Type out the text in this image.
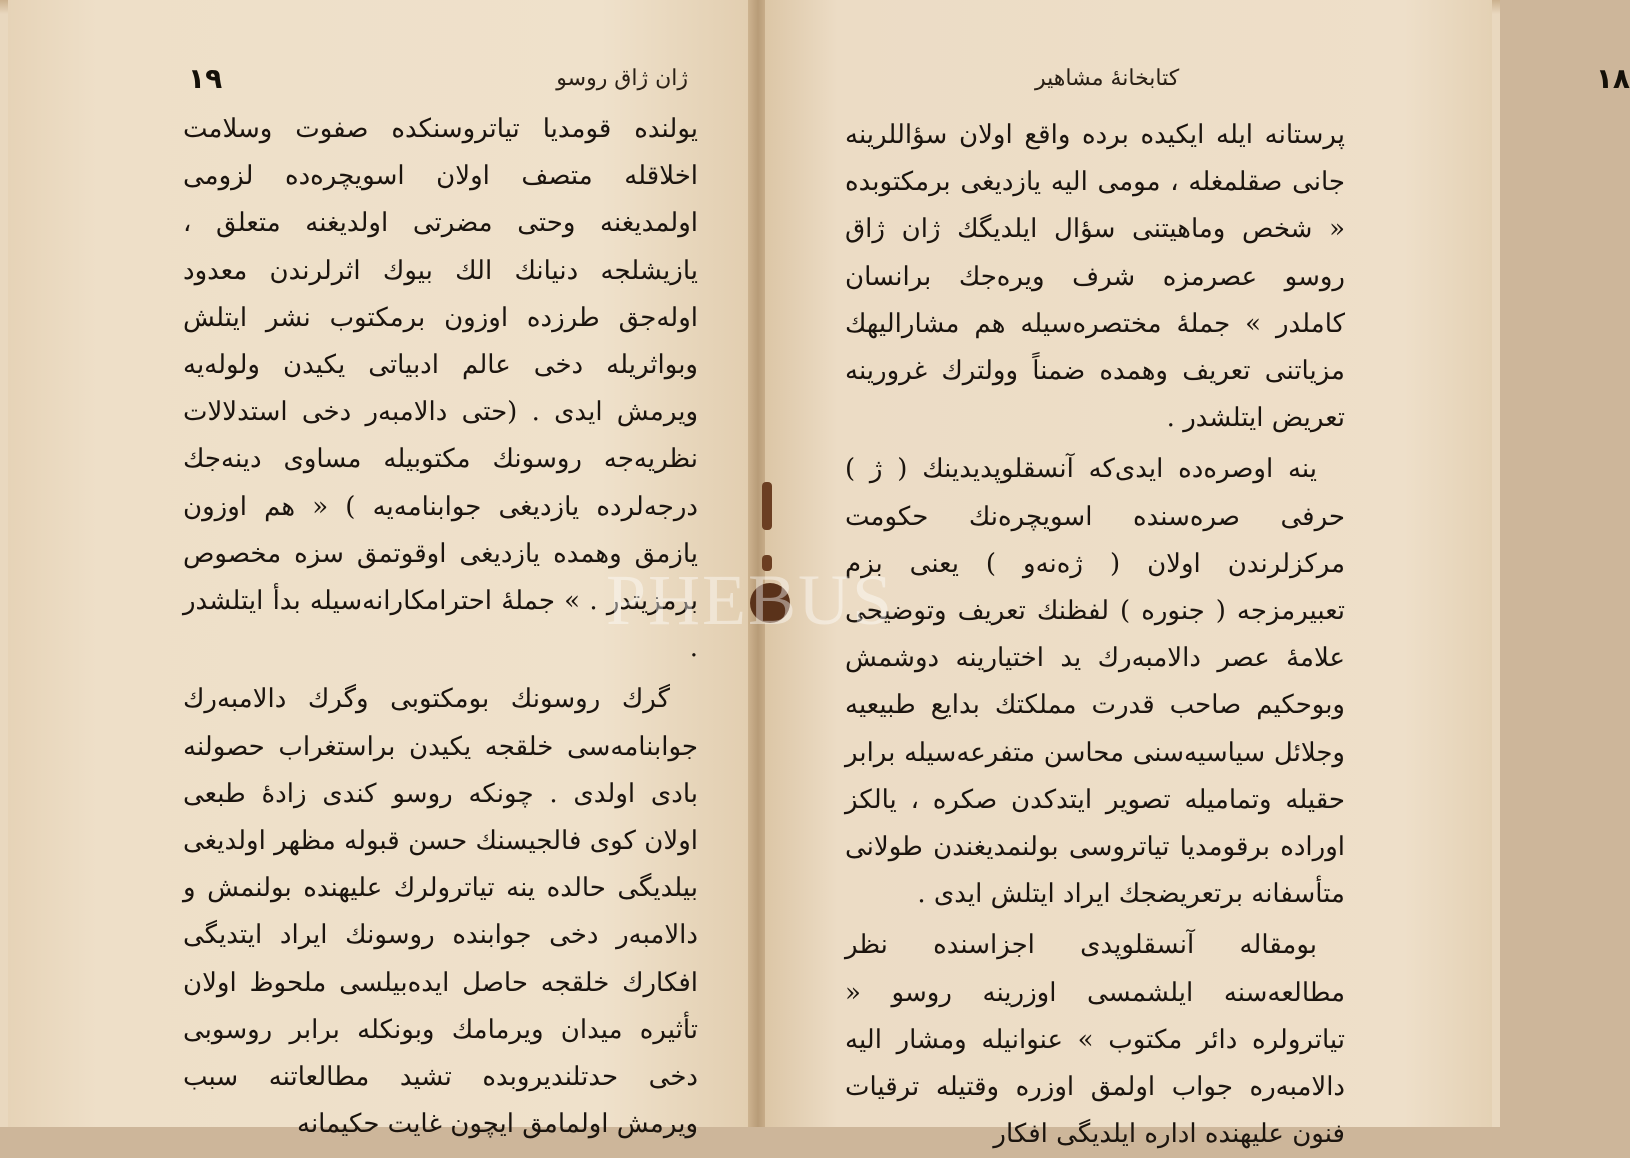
١٩	ژان ژاق روسو

يولنده قومديا تياتروسنكده صفوت وسلامت اخلاقله متصف اولان اسويچره‌ده لزومى اولمديغنه وحتى مضرتى اولديغنه متعلق ، يازيشلجه دنيانك الك بيوك اثرلرندن معدود اوله‌جق طرزده اوزون برمكتوب نشر ايتلش وبواثريله دخى عالم ادبياتى يكيدن ولوله‌يه ويرمش ايدى . (حتى دالامبەر دخى استدلالات نظريه‌جه روسونك مكتوبيله مساوى دينه‌جك درجه‌لرده يازديغى جوابنامه‌يه ) « هم اوزون يازمق وهمده يازديغى اوقوتمق سزه مخصوص برمزيتدر . » جملهٔ احترامكارانه‌سيله بدأ ايتلشدر .

گرك روسونك بومكتوبى وگرك دالامبەرك جوابنامه‌سى خلقجه يكيدن براستغراب حصولنه بادى اولدى . چونكه روسو كندى زادهٔ طبعى اولان كوى فالجيسنك حسن قبوله مظهر اولديغى بيلديگى حالده ينه تياترولرك عليهنده بولنمش و دالامبەر دخى جوابنده روسونك ايراد ايتديگى افكارك خلقجه حاصل ايده‌بيلسى ملحوظ اولان تأثيره ميدان ويرمامك وبونكله برابر روسوبى دخى حدتلنديروبده تشيد مطالعاتنه سبب ويرمش اولمامق ايچون غايت حكيمانه

كتابخانهٔ مشاهير	١٨

پرستانه ايله ايكيده برده واقع اولان سؤاللرينه جانى صقلمغله ، مومى اليه يازديغى برمكتوبده « شخص وماهيتنى سؤال ايلديگك ژان ژاق روسو عصرمزه شرف ويره‌جك برانسان كاملدر » جملهٔ مختصره‌سيله هم مشاراليهك مزياتنى تعريف وهمده ضمناً وولترك غرورينه تعريض ايتلشدر .

ينه اوصره‌ده ايدى‌كه آنسقلوپديدينك ( ژ ) حرفى صره‌سنده اسويچره‌نك حكومت مركزلرندن اولان ( ژەنەو ) يعنى بزم تعبيرمزجه ( جنوره ) لفظنك تعريف وتوضيحى علامهٔ عصر دالامبەرك يد اختيارينه دوشمش وبوحكيم صاحب قدرت مملكتك بدايع طبيعيه وجلائل سياسيه‌سنى محاسن متفرعه‌سيله برابر حقيله وتماميله تصوير ايتدكدن صكره ، يالكز اوراده برقومديا تياتروسى بولنمديغندن طولانى متأسفانه برتعريضجك ايراد ايتلش ايدى .

بومقاله آنسقلوپدى اجزاسنده نظر مطالعه‌سنه ايلشمسى اوزرينه روسو « تياترولره دائر مكتوب » عنوانيله ومشار اليه دالامبەره جواب اولمق اوزره وقتيله ترقيات فنون عليهنده اداره ايلديگى افكار

PHEBUS
